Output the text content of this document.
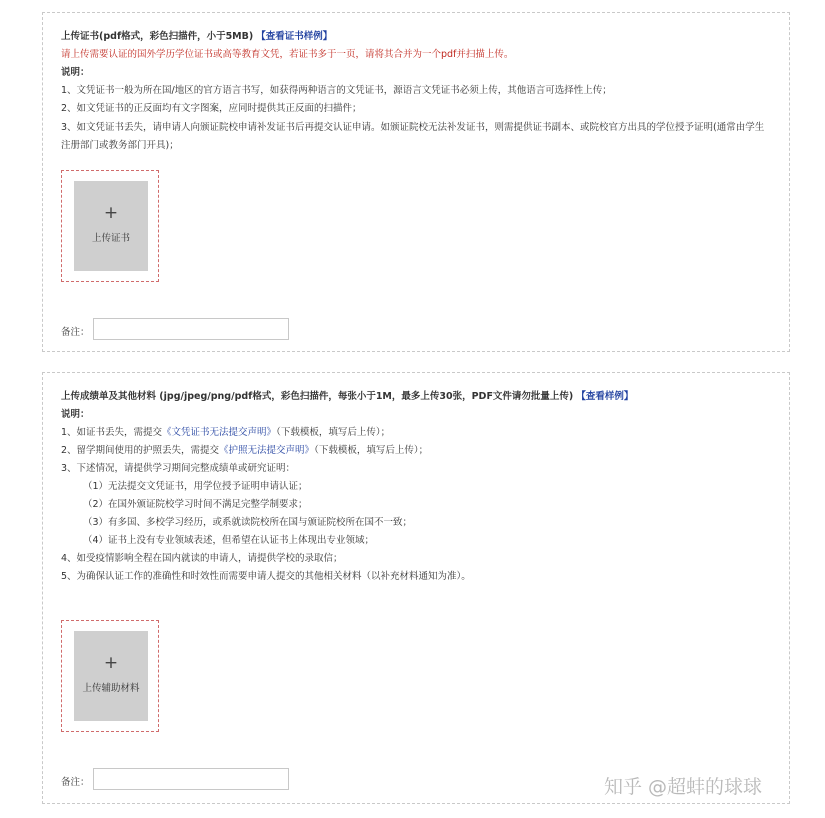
上传证书(pdf格式，彩色扫描件，小于5MB) 【查看证书样例】
请上传需要认证的国外学历学位证书或高等教育文凭，若证书多于一页，请将其合并为一个pdf并扫描上传。
说明：
1、文凭证书一般为所在国/地区的官方语言书写，如获得两种语言的文凭证书，源语言文凭证书必须上传，其他语言可选择性上传；
2、如文凭证书的正反面均有文字图案，应同时提供其正反面的扫描件；
3、如文凭证书丢失，请申请人向颁证院校申请补发证书后再提交认证申请。如颁证院校无法补发证书，则需提供证书副本、或院校官方出具的学位授予证明(通常由学生注册部门或教务部门开具)；
+
上传证书
备注：
上传成绩单及其他材料 (jpg/jpeg/png/pdf格式，彩色扫描件，每张小于1M，最多上传30张，PDF文件请勿批量上传) 【查看样例】
说明：
1、如证书丢失，需提交《文凭证书无法提交声明》（下载模板，填写后上传）；
2、留学期间使用的护照丢失，需提交《护照无法提交声明》（下载模板，填写后上传）；
3、下述情况，请提供学习期间完整成绩单或研究证明：
（1）无法提交文凭证书，用学位授予证明申请认证；
（2）在国外颁证院校学习时间不满足完整学制要求；
（3）有多国、多校学习经历，或系就读院校所在国与颁证院校所在国不一致；
（4）证书上没有专业领域表述，但希望在认证书上体现出专业领域；
4、如受疫情影响全程在国内就读的申请人，请提供学校的录取信；
5、为确保认证工作的准确性和时效性而需要申请人提交的其他相关材料（以补充材料通知为准）。
+
上传辅助材料
备注：	知乎 @超蚌的球球
